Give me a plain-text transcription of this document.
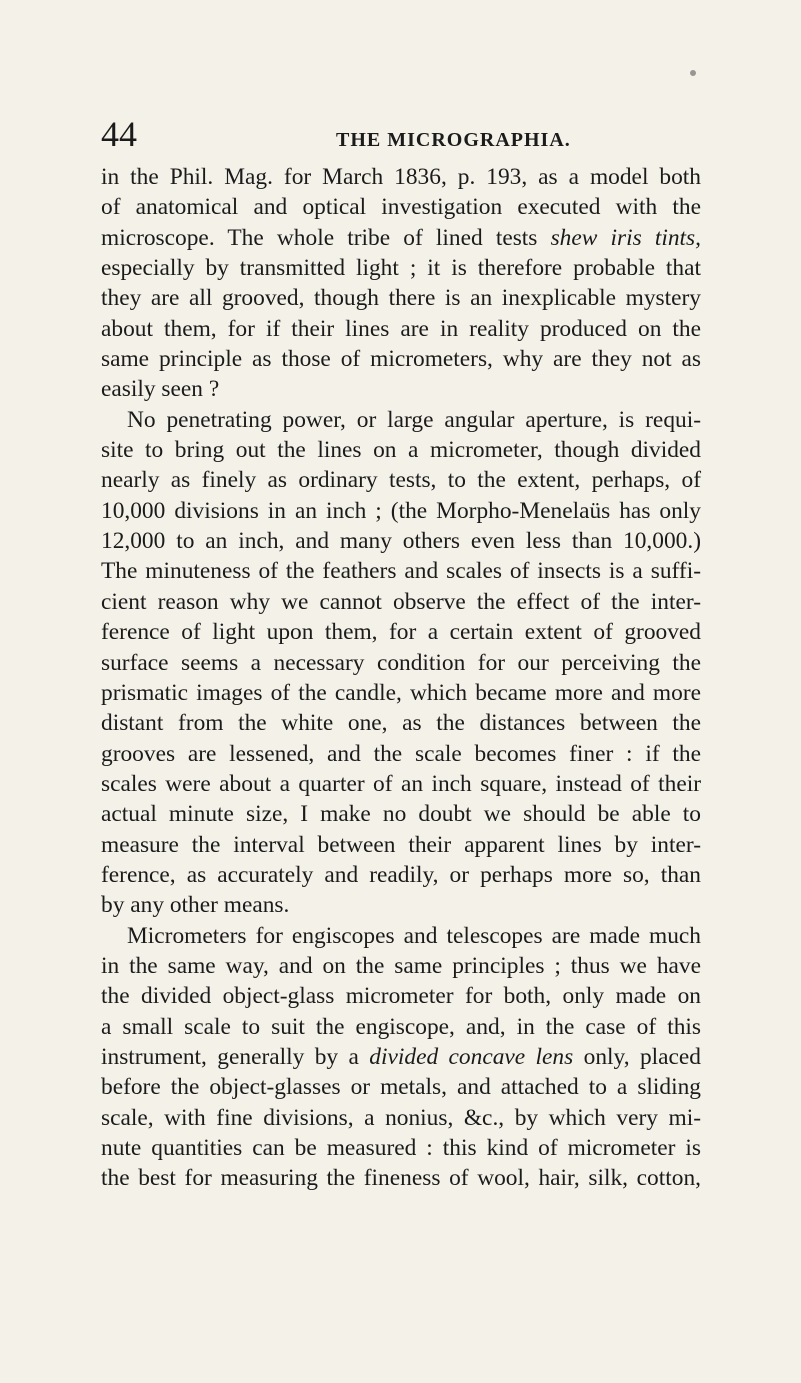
44	THE MICROGRAPHIA.
in the Phil. Mag. for March 1836, p. 193, as a model both
of anatomical and optical investigation executed with the
microscope. The whole tribe of lined tests shew iris tints,
especially by transmitted light ; it is therefore probable that
they are all grooved, though there is an inexplicable mystery
about them, for if their lines are in reality produced on the
same principle as those of micrometers, why are they not as
easily seen ?
No penetrating power, or large angular aperture, is requi-
site to bring out the lines on a micrometer, though divided
nearly as finely as ordinary tests, to the extent, perhaps, of
10,000 divisions in an inch ; (the Morpho-Menelaüs has only
12,000 to an inch, and many others even less than 10,000.)
The minuteness of the feathers and scales of insects is a suffi-
cient reason why we cannot observe the effect of the inter-
ference of light upon them, for a certain extent of grooved
surface seems a necessary condition for our perceiving the
prismatic images of the candle, which became more and more
distant from the white one, as the distances between the
grooves are lessened, and the scale becomes finer : if the
scales were about a quarter of an inch square, instead of their
actual minute size, I make no doubt we should be able to
measure the interval between their apparent lines by inter-
ference, as accurately and readily, or perhaps more so, than
by any other means.
Micrometers for engiscopes and telescopes are made much
in the same way, and on the same principles ; thus we have
the divided object-glass micrometer for both, only made on
a small scale to suit the engiscope, and, in the case of this
instrument, generally by a divided concave lens only, placed
before the object-glasses or metals, and attached to a sliding
scale, with fine divisions, a nonius, &c., by which very mi-
nute quantities can be measured : this kind of micrometer is
the best for measuring the fineness of wool, hair, silk, cotton,
